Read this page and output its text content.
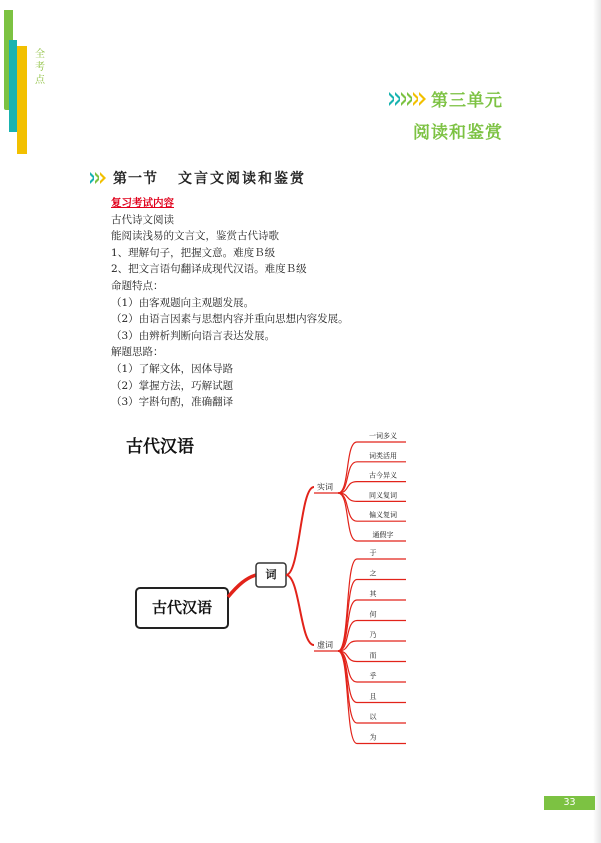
全
考
点
第三单元
阅读和鉴赏
第一节 文言文阅读和鉴赏
复习考试内容
古代诗文阅读
能阅读浅易的文言文，鉴赏古代诗歌
1、理解句子，把握文意。难度Ｂ级
2、把文言语句翻译成现代汉语。难度Ｂ级
命题特点：
（1）由客观题向主观题发展。
（2）由语言因素与思想内容并重向思想内容发展。
（3）由辨析判断向语言表达发展。
解题思路：
（1）了解文体，因体导路
（2）掌握方法，巧解试题
（3）字斟句酌，准确翻译
古代汉语
古代汉语
词
实词
一词多义
词类活用
古今异义
同义复词
偏义复词
通假字
虚词
于
之
其
何
乃
而
乎
且
以
为
33
